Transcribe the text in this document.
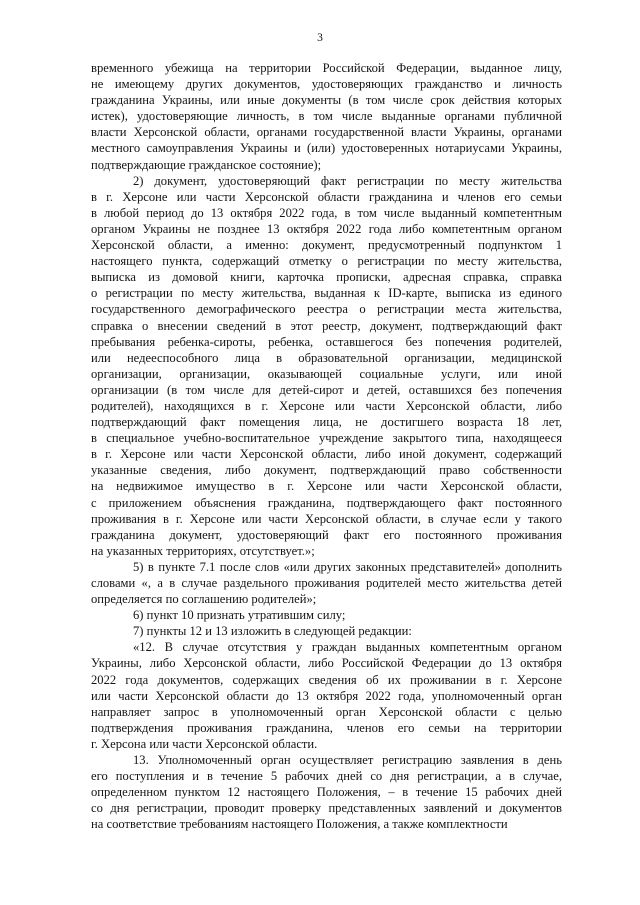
3
временного убежища на территории Российской Федерации, выданное лицу,
не имеющему других документов, удостоверяющих гражданство и личность
гражданина Украины, или иные документы (в том числе срок действия которых
истек), удостоверяющие личность, в том числе выданные органами публичной
власти Херсонской области, органами государственной власти Украины, органами
местного самоуправления Украины и (или) удостоверенных нотариусами Украины,
подтверждающие гражданское состояние);
2) документ, удостоверяющий факт регистрации по месту жительства
в г. Херсоне или части Херсонской области гражданина и членов его семьи
в любой период до 13 октября 2022 года, в том числе выданный компетентным
органом Украины не позднее 13 октября 2022 года либо компетентным органом
Херсонской области, а именно: документ, предусмотренный подпунктом 1
настоящего пункта, содержащий отметку о регистрации по месту жительства,
выписка из домовой книги, карточка прописки, адресная справка, справка
о регистрации по месту жительства, выданная к ID-карте, выписка из единого
государственного демографического реестра о регистрации места жительства,
справка о внесении сведений в этот реестр, документ, подтверждающий факт
пребывания ребенка-сироты, ребенка, оставшегося без попечения родителей,
или недееспособного лица в образовательной организации, медицинской
организации, организации, оказывающей социальные услуги, или иной
организации (в том числе для детей-сирот и детей, оставшихся без попечения
родителей), находящихся в г. Херсоне или части Херсонской области, либо
подтверждающий факт помещения лица, не достигшего возраста 18 лет,
в специальное учебно-воспитательное учреждение закрытого типа, находящееся
в г. Херсоне или части Херсонской области, либо иной документ, содержащий
указанные сведения, либо документ, подтверждающий право собственности
на недвижимое имущество в г. Херсоне или части Херсонской области,
с приложением объяснения гражданина, подтверждающего факт постоянного
проживания в г. Херсоне или части Херсонской области, в случае если у такого
гражданина документ, удостоверяющий факт его постоянного проживания
на указанных территориях, отсутствует.»;
5) в пункте 7.1 после слов «или других законных представителей» дополнить
словами «, а в случае раздельного проживания родителей место жительства детей
определяется по соглашению родителей»;
6) пункт 10 признать утратившим силу;
7) пункты 12 и 13 изложить в следующей редакции:
«12. В случае отсутствия у граждан выданных компетентным органом
Украины, либо Херсонской области, либо Российской Федерации до 13 октября
2022 года документов, содержащих сведения об их проживании в г. Херсоне
или части Херсонской области до 13 октября 2022 года, уполномоченный орган
направляет запрос в уполномоченный орган Херсонской области с целью
подтверждения проживания гражданина, членов его семьи на территории
г. Херсона или части Херсонской области.
13. Уполномоченный орган осуществляет регистрацию заявления в день
его поступления и в течение 5 рабочих дней со дня регистрации, а в случае,
определенном пунктом 12 настоящего Положения, – в течение 15 рабочих дней
со дня регистрации, проводит проверку представленных заявлений и документов
на соответствие требованиям настоящего Положения, а также комплектности
